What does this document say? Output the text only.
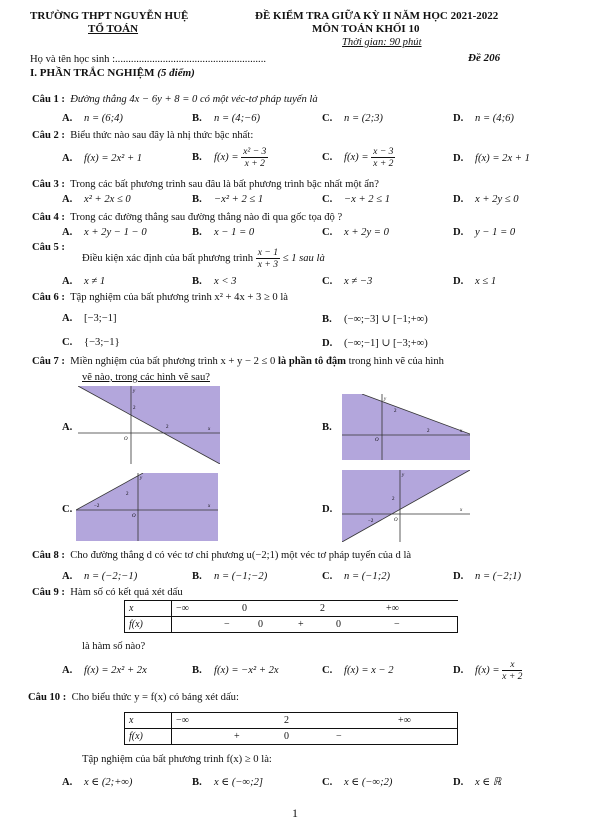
TRƯỜNG THPT NGUYỄN HUỆ
TỔ TOÁN
ĐỀ KIỂM TRA GIỮA KỲ II NĂM HỌC 2021-2022
MÔN TOÁN KHỐI 10
Thời gian: 90 phút
Họ và tên học sinh :.........................................................	Đề 206
I. PHẦN TRẮC NGHIỆM (5 điểm)
Câu 1 : Đường thẳng 4x − 6y + 8 = 0 có một véc-tơ pháp tuyến là
A. n = (6;4)	B. n = (4;−6)	C. n = (2;3)	D. n = (4;6)
Câu 2 : Biểu thức nào sau đây là nhị thức bậc nhất:
A. f(x) = 2x² + 1	B. $f(x) = \frac{\text{x² − 3}}{x + 2}$	C. $f(x) = \frac{x - 3}{x + 2}$	D. f(x) = 2x + 1
Câu 3 : Trong các bất phương trình sau đâu là bất phương trình bậc nhất một ẩn?
A. x² + 2x ≤ 0	B. −x² + 2 ≤ 1	C. −x + 2 ≤ 1	D. x + 2y ≤ 0
Câu 4 : Trong các đường thẳng sau đường thẳng nào đi qua gốc tọa độ ?
A. x + 2y − 1 − 0	B. x − 1 = 0	C. x + 2y = 0	D. y − 1 = 0
Câu 5 :
Điều kiện xác định của bất phương trình $\frac{x - 1}{x + 3} \le 1$ sau là
A. x ≠ 1	B. x < 3	C. x ≠ −3	D. x ≤ 1
Câu 6 : Tập nghiệm của bất phương trình x² + 4x + 3 ≥ 0 là
A. [−3;−1]	B. (−∞;−3] ∪ [−1;+∞)
C. {−3;−1}	D. (−∞;−1] ∪ [−3;+∞)
Câu 7 : Miền nghiệm của bất phương trình x + y − 2 ≤ 0 là phần tô đậm trong hình vẽ của hình
vẽ nào, trong các hình vẽ sau?
A.	x
y
2
2
O
B.	x
y
2
2
O
C.	x
y
−2
2
O
D.	x
y
−2
2
O
Câu 8 : Cho đường thẳng d có véc tơ chỉ phương u(−2;1) một véc tơ pháp tuyến của d là
A. n = (−2;−1)	B. n = (−1;−2)	C. n = (−1;2)	D. n = (−2;1)
Câu 9 : Hàm số có kết quả xét dấu
x	−∞ 0 2 +∞
f(x)	− 0 + 0 −
là hàm số nào?
A. f(x) = 2x² + 2x	B. f(x) = −x² + 2x	C. f(x) = x − 2	D. $f(x) = \frac{x}{x + 2}$
Câu 10 : Cho biểu thức y = f(x) có bảng xét dấu:
x	−∞ 2 +∞
f(x)	+ 0 −
Tập nghiệm của bất phương trình f(x) ≥ 0 là:
A. x ∈ (2;+∞)	B. x ∈ (−∞;2]	C. x ∈ (−∞;2)	D. x ∈ ℝ
1
